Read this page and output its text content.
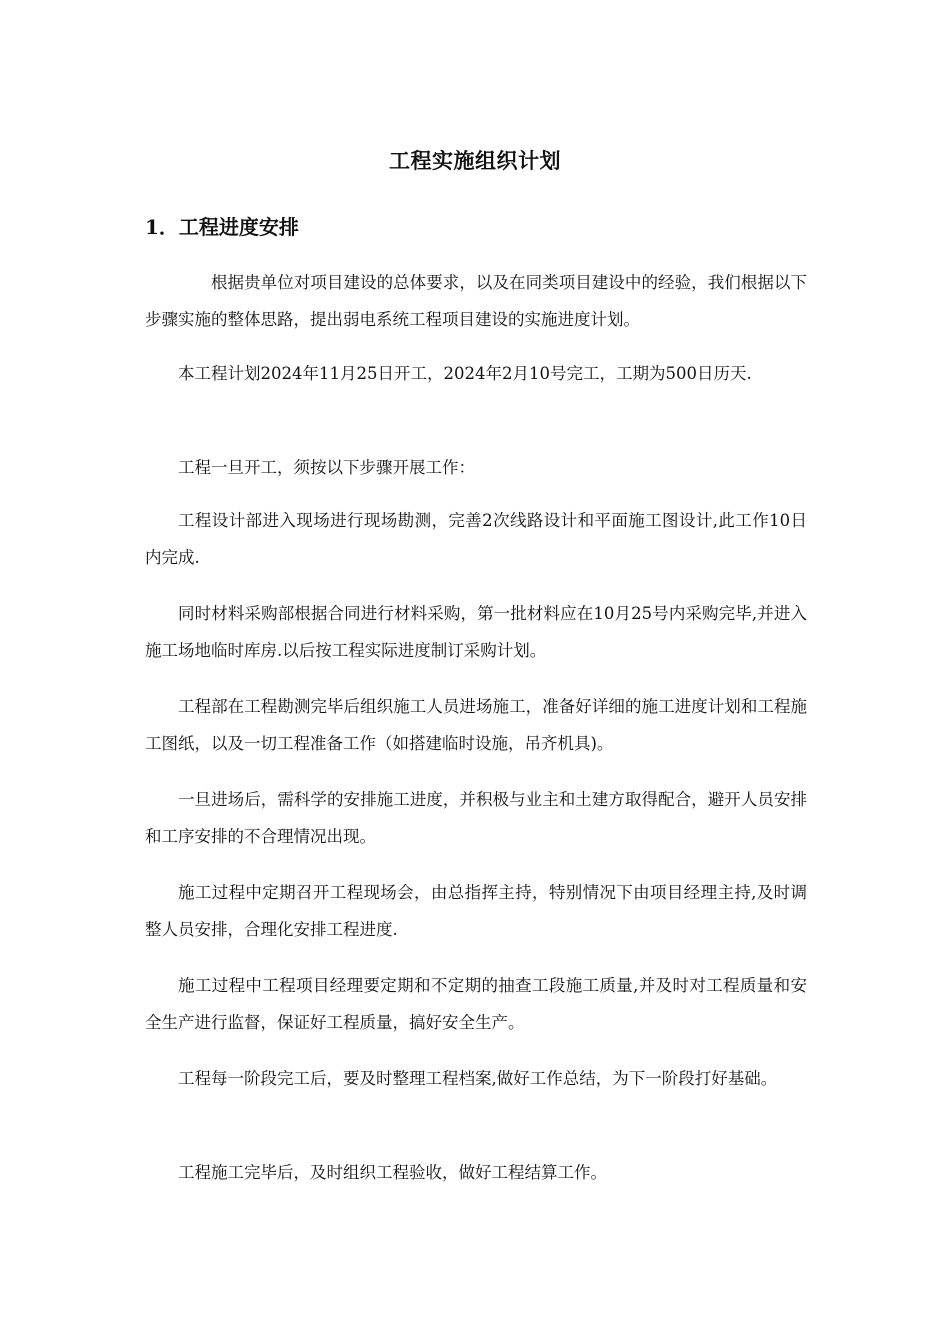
工程实施组织计划
1．工程进度安排

根据贵单位对项目建设的总体要求，以及在同类项目建设中的经验，我们根据以下步骤实施的整体思路，提出弱电系统工程项目建设的实施进度计划。

本工程计划2024年11月25日开工，2024年2月10号完工，工期为500日历天.

工程一旦开工，须按以下步骤开展工作：

工程设计部进入现场进行现场勘测，完善2次线路设计和平面施工图设计,此工作10日内完成.

同时材料采购部根据合同进行材料采购，第一批材料应在10月25号内采购完毕,并进入施工场地临时库房.以后按工程实际进度制订采购计划。

工程部在工程勘测完毕后组织施工人员进场施工，准备好详细的施工进度计划和工程施工图纸，以及一切工程准备工作（如搭建临时设施，吊齐机具)。

一旦进场后，需科学的安排施工进度，并积极与业主和土建方取得配合，避开人员安排和工序安排的不合理情况出现。

施工过程中定期召开工程现场会，由总指挥主持，特别情况下由项目经理主持,及时调整人员安排，合理化安排工程进度.

施工过程中工程项目经理要定期和不定期的抽查工段施工质量,并及时对工程质量和安全生产进行监督，保证好工程质量，搞好安全生产。

工程每一阶段完工后，要及时整理工程档案,做好工作总结，为下一阶段打好基础。

工程施工完毕后，及时组织工程验收，做好工程结算工作。
